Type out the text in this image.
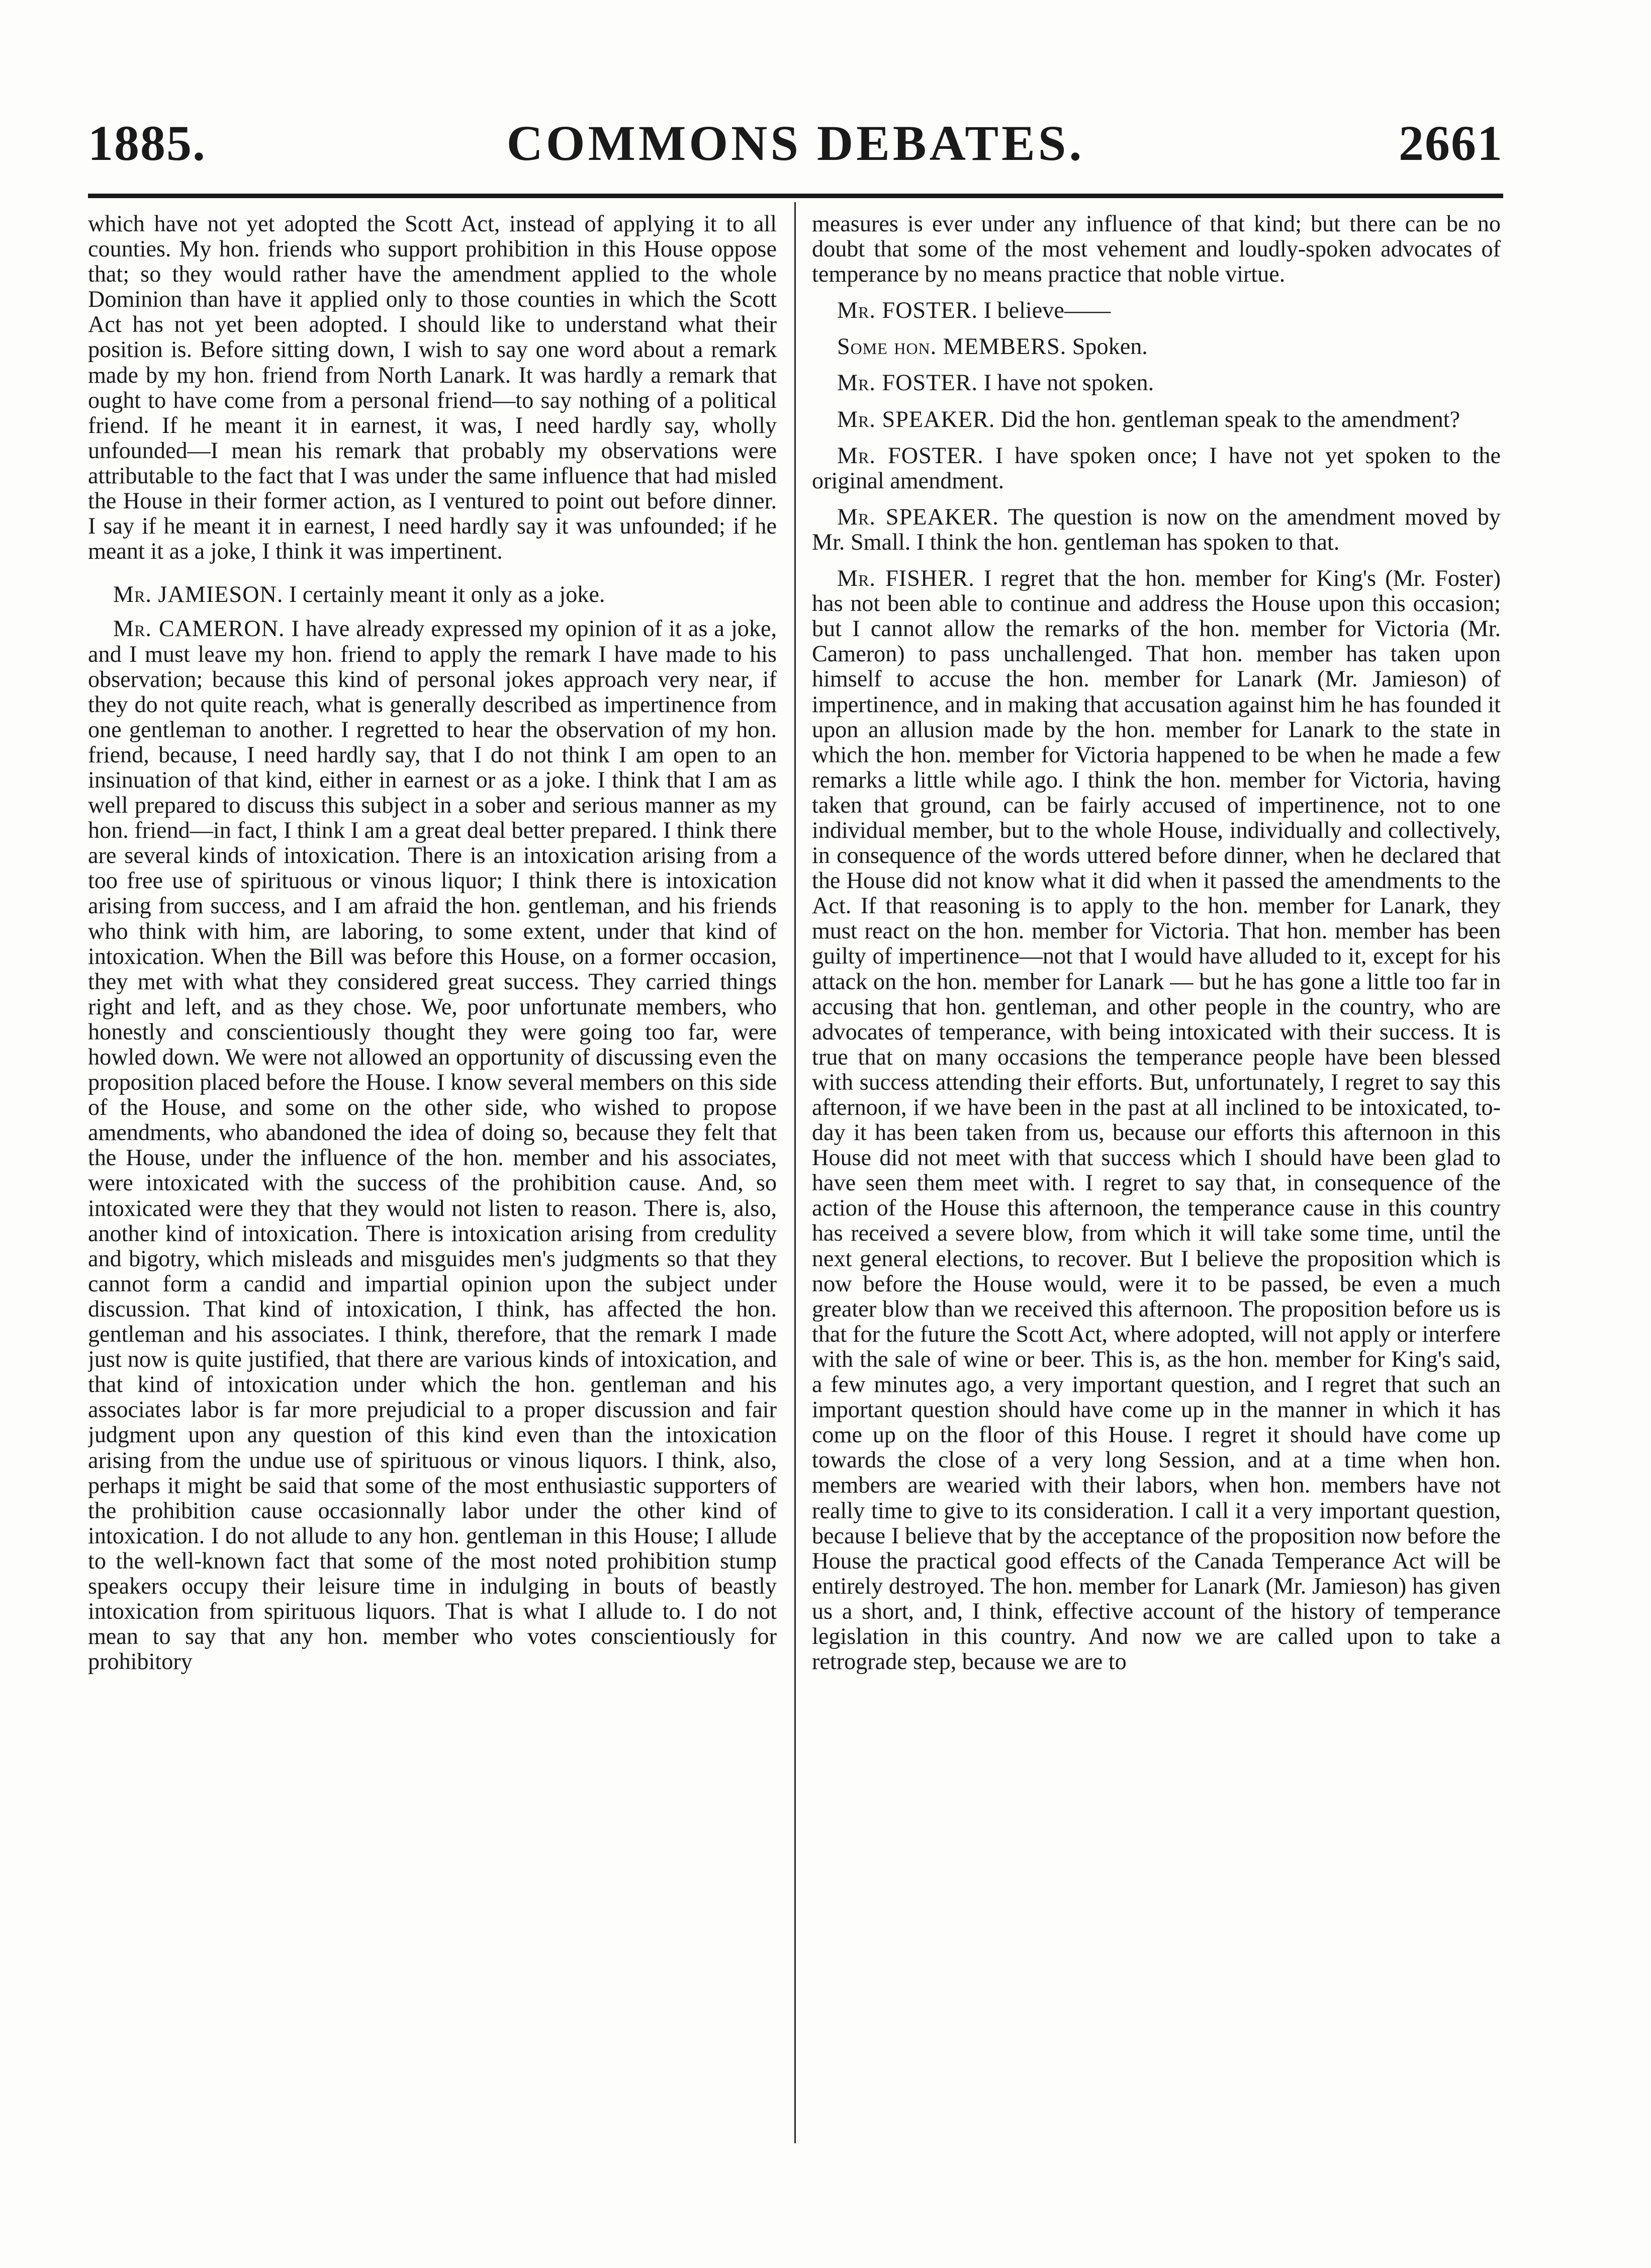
COMMONS DEBATES.
1885.	2661

which have not yet adopted the Scott Act, instead of applying it to all counties. My hon. friends who support prohibition in this House oppose that; so they would rather have the amendment applied to the whole Dominion than have it applied only to those counties in which the Scott Act has not yet been adopted. I should like to understand what their position is. Before sitting down, I wish to say one word about a remark made by my hon. friend from North Lanark. It was hardly a remark that ought to have come from a personal friend—to say nothing of a political friend. If he meant it in earnest, it was, I need hardly say, wholly unfounded—I mean his remark that probably my observations were attributable to the fact that I was under the same influence that had misled the House in their former action, as I ventured to point out before dinner. I say if he meant it in earnest, I need hardly say it was unfounded; if he meant it as a joke, I think it was impertinent.

Mr. JAMIESON. I certainly meant it only as a joke.

Mr. CAMERON. I have already expressed my opinion of it as a joke, and I must leave my hon. friend to apply the remark I have made to his observation; because this kind of personal jokes approach very near, if they do not quite reach, what is generally described as impertinence from one gentleman to another. I regretted to hear the observation of my hon. friend, because, I need hardly say, that I do not think I am open to an insinuation of that kind, either in earnest or as a joke. I think that I am as well prepared to discuss this subject in a sober and serious manner as my hon. friend—in fact, I think I am a great deal better prepared. I think there are several kinds of intoxication. There is an intoxication arising from a too free use of spirituous or vinous liquor; I think there is intoxication arising from success, and I am afraid the hon. gentleman, and his friends who think with him, are laboring, to some extent, under that kind of intoxication. When the Bill was before this House, on a former occasion, they met with what they considered great success. They carried things right and left, and as they chose. We, poor unfortunate members, who honestly and conscientiously thought they were going too far, were howled down. We were not allowed an opportunity of discussing even the proposition placed before the House. I know several members on this side of the House, and some on the other side, who wished to propose amendments, who abandoned the idea of doing so, because they felt that the House, under the influence of the hon. member and his associates, were intoxicated with the success of the prohibition cause. And, so intoxicated were they that they would not listen to reason. There is, also, another kind of intoxication. There is intoxication arising from credulity and bigotry, which misleads and misguides men's judgments so that they cannot form a candid and impartial opinion upon the subject under discussion. That kind of intoxication, I think, has affected the hon. gentleman and his associates. I think, therefore, that the remark I made just now is quite justified, that there are various kinds of intoxication, and that kind of intoxication under which the hon. gentleman and his associates labor is far more prejudicial to a proper discussion and fair judgment upon any question of this kind even than the intoxication arising from the undue use of spirituous or vinous liquors. I think, also, perhaps it might be said that some of the most enthusiastic supporters of the prohibition cause occasionnally labor under the other kind of intoxication. I do not allude to any hon. gentleman in this House; I allude to the well-known fact that some of the most noted prohibition stump speakers occupy their leisure time in indulging in bouts of beastly intoxication from spirituous liquors. That is what I allude to. I do not mean to say that any hon. member who votes conscientiously for prohibitory

measures is ever under any influence of that kind; but there can be no doubt that some of the most vehement and loudly-spoken advocates of temperance by no means practice that noble virtue.

Mr. FOSTER. I believe——

Some hon. MEMBERS. Spoken.

Mr. FOSTER. I have not spoken.

Mr. SPEAKER. Did the hon. gentleman speak to the amendment?

Mr. FOSTER. I have spoken once; I have not yet spoken to the original amendment.

Mr. SPEAKER. The question is now on the amendment moved by Mr. Small. I think the hon. gentleman has spoken to that.

Mr. FISHER. I regret that the hon. member for King's (Mr. Foster) has not been able to continue and address the House upon this occasion; but I cannot allow the remarks of the hon. member for Victoria (Mr. Cameron) to pass unchallenged. That hon. member has taken upon himself to accuse the hon. member for Lanark (Mr. Jamieson) of impertinence, and in making that accusation against him he has founded it upon an allusion made by the hon. member for Lanark to the state in which the hon. member for Victoria happened to be when he made a few remarks a little while ago. I think the hon. member for Victoria, having taken that ground, can be fairly accused of impertinence, not to one individual member, but to the whole House, individually and collectively, in consequence of the words uttered before dinner, when he declared that the House did not know what it did when it passed the amendments to the Act. If that reasoning is to apply to the hon. member for Lanark, they must react on the hon. member for Victoria. That hon. member has been guilty of impertinence—not that I would have alluded to it, except for his attack on the hon. member for Lanark — but he has gone a little too far in accusing that hon. gentleman, and other people in the country, who are advocates of temperance, with being intoxicated with their success. It is true that on many occasions the temperance people have been blessed with success attending their efforts. But, unfortunately, I regret to say this afternoon, if we have been in the past at all inclined to be intoxicated, to-day it has been taken from us, because our efforts this afternoon in this House did not meet with that success which I should have been glad to have seen them meet with. I regret to say that, in consequence of the action of the House this afternoon, the temperance cause in this country has received a severe blow, from which it will take some time, until the next general elections, to recover. But I believe the proposition which is now before the House would, were it to be passed, be even a much greater blow than we received this afternoon. The proposition before us is that for the future the Scott Act, where adopted, will not apply or interfere with the sale of wine or beer. This is, as the hon. member for King's said, a few minutes ago, a very important question, and I regret that such an important question should have come up in the manner in which it has come up on the floor of this House. I regret it should have come up towards the close of a very long Session, and at a time when hon. members are wearied with their labors, when hon. members have not really time to give to its consideration. I call it a very important question, because I believe that by the acceptance of the proposition now before the House the practical good effects of the Canada Temperance Act will be entirely destroyed. The hon. member for Lanark (Mr. Jamieson) has given us a short, and, I think, effective account of the history of temperance legislation in this country. And now we are called upon to take a retrograde step, because we are to
